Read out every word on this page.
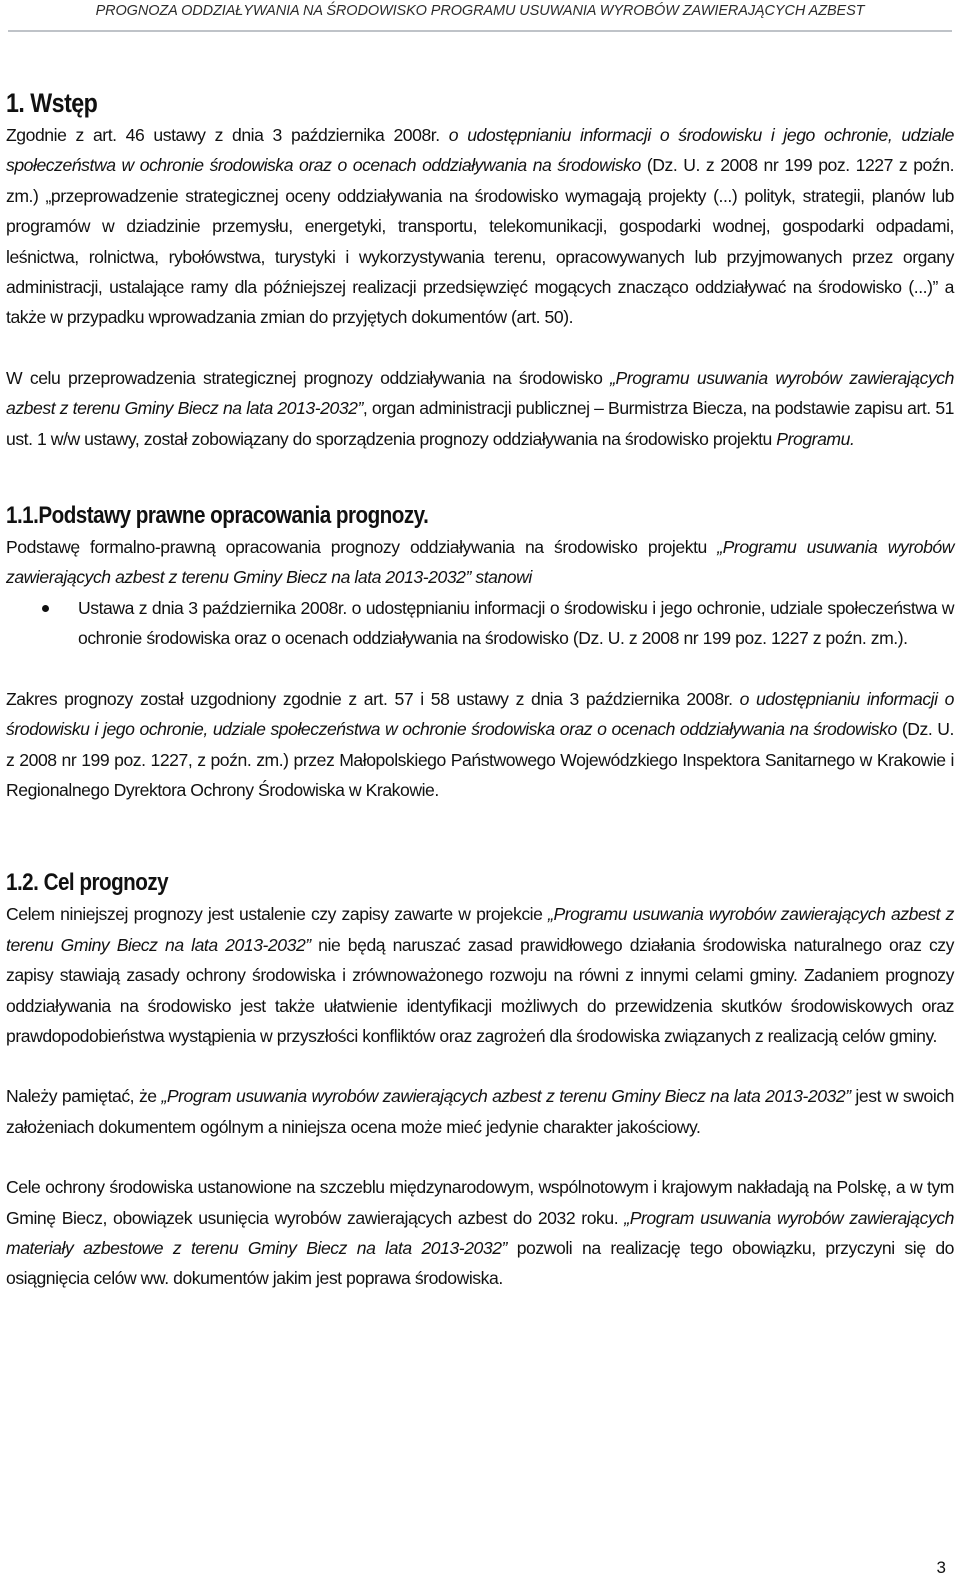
PROGNOZA ODDZIAŁYWANIA NA ŚRODOWISKO PROGRAMU USUWANIA WYROBÓW ZAWIERAJĄCYCH AZBEST
1. Wstęp

Zgodnie z art. 46 ustawy z dnia 3 października 2008r. o udostępnianiu informacji o środowisku i jego ochronie, udziale społeczeństwa w ochronie środowiska oraz o ocenach oddziaływania na środowisko (Dz. U. z 2008 nr 199 poz. 1227 z poźn. zm.) „przeprowadzenie strategicznej oceny oddziaływania na środowisko wymagają projekty (...) polityk, strategii, planów lub programów w dziadzinie przemysłu, energetyki, transportu, telekomunikacji, gospodarki wodnej, gospodarki odpadami, leśnictwa, rolnictwa, rybołówstwa, turystyki i wykorzystywania terenu, opracowywanych lub przyjmowanych przez organy administracji, ustalające ramy dla późniejszej realizacji przedsięwzięć mogących znacząco oddziaływać na środowisko (...)” a także w przypadku wprowadzania zmian do przyjętych dokumentów (art. 50).

W celu przeprowadzenia strategicznej prognozy oddziaływania na środowisko „Programu usuwania wyrobów zawierających azbest z terenu Gminy Biecz na lata 2013-2032”, organ administracji publicznej – Burmistrza Biecza, na podstawie zapisu art. 51 ust. 1 w/w ustawy, został zobowiązany do sporządzenia prognozy oddziaływania na środowisko projektu Programu.

1.1.Podstawy prawne opracowania prognozy.

Podstawę formalno-prawną opracowania prognozy oddziaływania na środowisko projektu „Programu usuwania wyrobów zawierających azbest z terenu Gminy Biecz na lata 2013-2032” stanowi

Ustawa z dnia 3 października 2008r. o udostępnianiu informacji o środowisku i jego ochronie, udziale społeczeństwa w ochronie środowiska oraz o ocenach oddziaływania na środowisko (Dz. U. z 2008 nr 199 poz. 1227 z poźn. zm.).

Zakres prognozy został uzgodniony zgodnie z art. 57 i 58 ustawy z dnia 3 października 2008r. o udostępnianiu informacji o środowisku i jego ochronie, udziale społeczeństwa w ochronie środowiska oraz o ocenach oddziaływania na środowisko (Dz. U. z 2008 nr 199 poz. 1227, z poźn. zm.) przez Małopolskiego Państwowego Wojewódzkiego Inspektora Sanitarnego w Krakowie i Regionalnego Dyrektora Ochrony Środowiska w Krakowie.

1.2. Cel prognozy

Celem niniejszej prognozy jest ustalenie czy zapisy zawarte w projekcie „Programu usuwania wyrobów zawierających azbest z terenu Gminy Biecz na lata 2013-2032” nie będą naruszać zasad prawidłowego działania środowiska naturalnego oraz czy zapisy stawiają zasady ochrony środowiska i zrównoważonego rozwoju na równi z innymi celami gminy. Zadaniem prognozy oddziaływania na środowisko jest także ułatwienie identyfikacji możliwych do przewidzenia skutków środowiskowych oraz prawdopodobieństwa wystąpienia w przyszłości konfliktów oraz zagrożeń dla środowiska związanych z realizacją celów gminy.

Należy pamiętać, że „Program usuwania wyrobów zawierających azbest z terenu Gminy Biecz na lata 2013-2032” jest w swoich założeniach dokumentem ogólnym a niniejsza ocena może mieć jedynie charakter jakościowy.

Cele ochrony środowiska ustanowione na szczeblu międzynarodowym, wspólnotowym i krajowym nakładają na Polskę, a w tym Gminę Biecz, obowiązek usunięcia wyrobów zawierających azbest do 2032 roku. „Program usuwania wyrobów zawierających materiały azbestowe z terenu Gminy Biecz na lata 2013-2032” pozwoli na realizację tego obowiązku, przyczyni się do osiągnięcia celów ww. dokumentów jakim jest poprawa środowiska.

3
